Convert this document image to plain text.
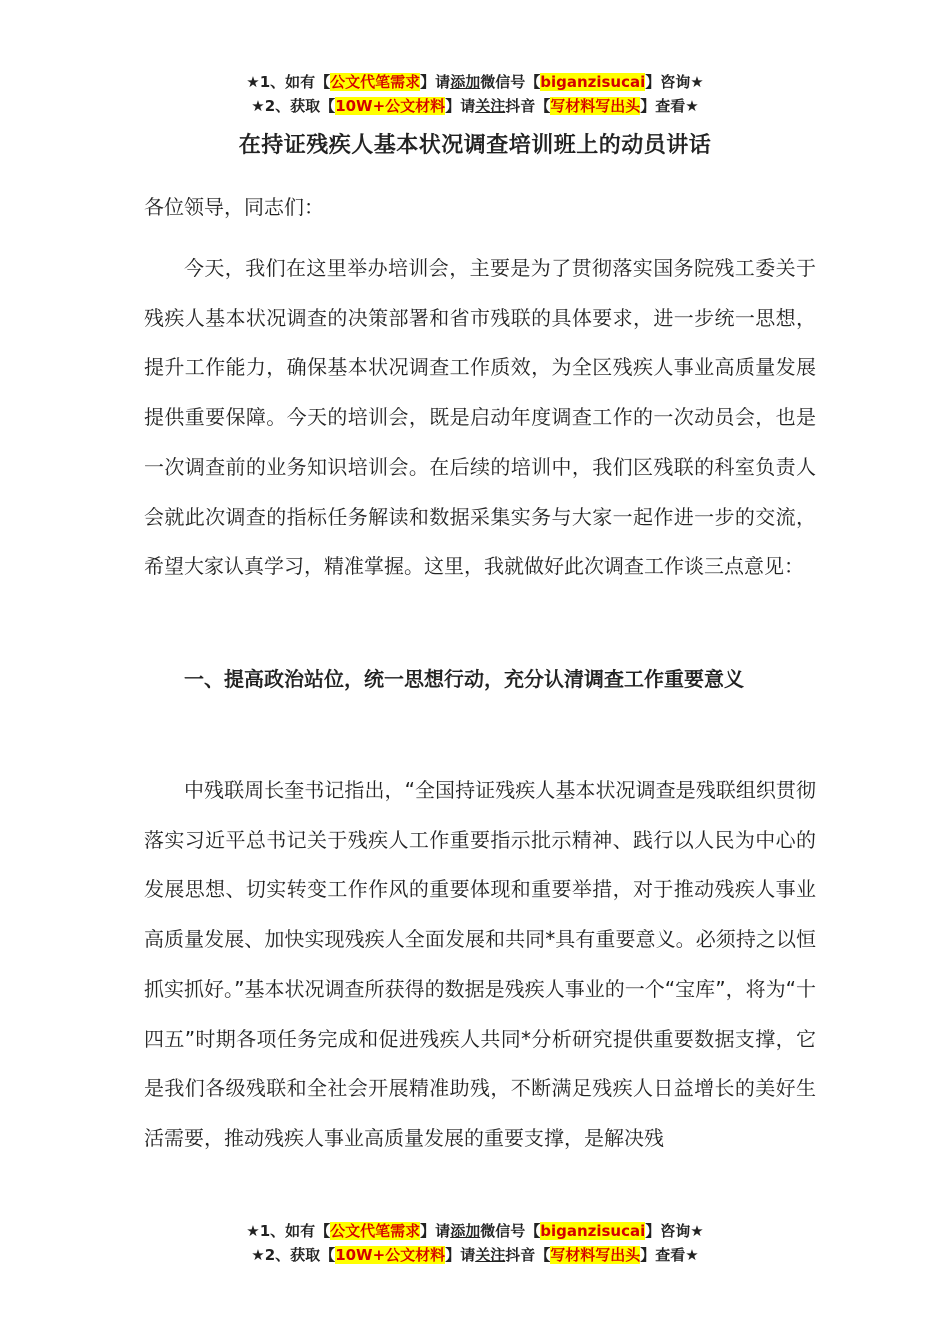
★1、如有【公文代笔需求】请添加微信号【biganzisucai】咨询★
★2、获取【10W+公文材料】请关注抖音【写材料写出头】查看★
在持证残疾人基本状况调查培训班上的动员讲话
各位领导，同志们：

今天，我们在这里举办培训会，主要是为了贯彻落实国务院残工委关于残疾人基本状况调查的决策部署和省市残联的具体要求，进一步统一思想，提升工作能力，确保基本状况调查工作质效，为全区残疾人事业高质量发展提供重要保障。今天的培训会，既是启动年度调查工作的一次动员会，也是一次调查前的业务知识培训会。在后续的培训中，我们区残联的科室负责人会就此次调查的指标任务解读和数据采集实务与大家一起作进一步的交流，希望大家认真学习，精准掌握。这里，我就做好此次调查工作谈三点意见：

一、提高政治站位，统一思想行动，充分认清调查工作重要意义

中残联周长奎书记指出，“全国持证残疾人基本状况调查是残联组织贯彻落实习近平总书记关于残疾人工作重要指示批示精神、践行以人民为中心的发展思想、切实转变工作作风的重要体现和重要举措，对于推动残疾人事业高质量发展、加快实现残疾人全面发展和共同*具有重要意义。必须持之以恒抓实抓好。”基本状况调查所获得的数据是残疾人事业的一个“宝库”，将为“十四五”时期各项任务完成和促进残疾人共同*分析研究提供重要数据支撑，它是我们各级残联和全社会开展精准助残，不断满足残疾人日益增长的美好生活需要，推动残疾人事业高质量发展的重要支撑，是解决残

★1、如有【公文代笔需求】请添加微信号【biganzisucai】咨询★
★2、获取【10W+公文材料】请关注抖音【写材料写出头】查看★
